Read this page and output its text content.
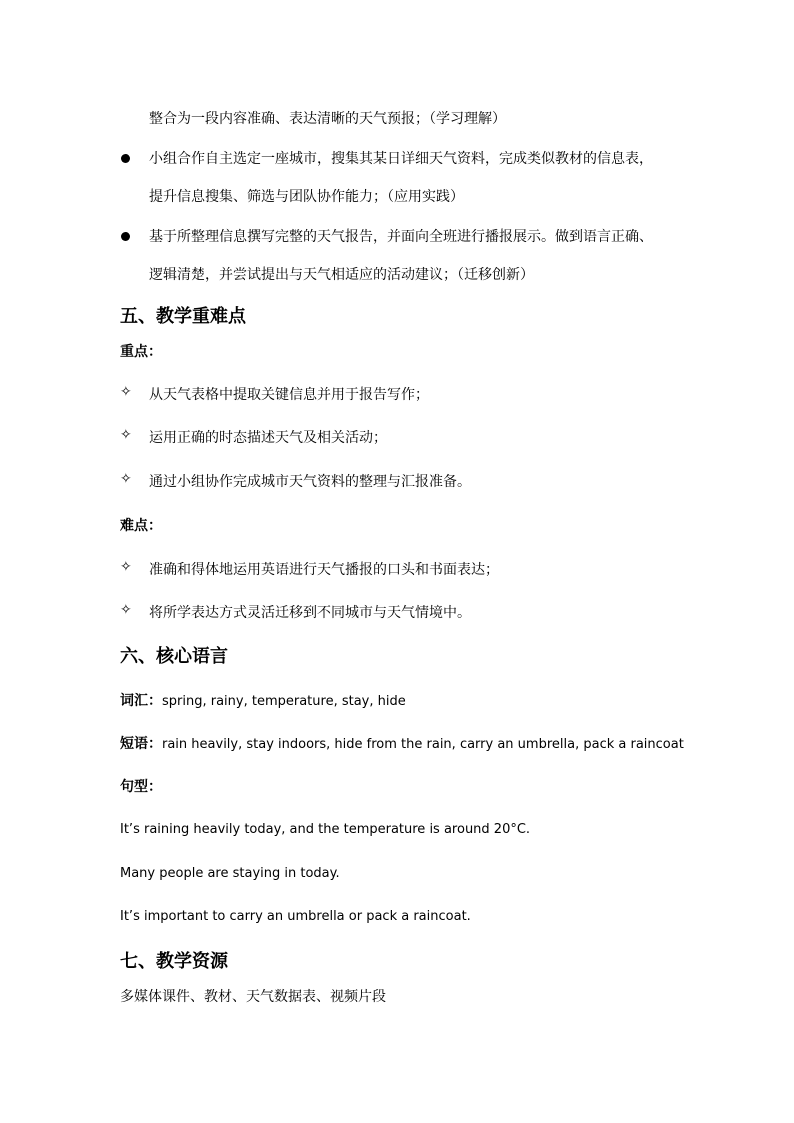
整合为一段内容准确、表达清晰的天气预报；（学习理解）
小组合作自主选定一座城市，搜集其某日详细天气资料，完成类似教材的信息表，
提升信息搜集、筛选与团队协作能力；（应用实践）
基于所整理信息撰写完整的天气报告，并面向全班进行播报展示。做到语言正确、
逻辑清楚，并尝试提出与天气相适应的活动建议；（迁移创新）
五、教学重难点
重点：
✧ 从天气表格中提取关键信息并用于报告写作；
✧ 运用正确的时态描述天气及相关活动；
✧ 通过小组协作完成城市天气资料的整理与汇报准备。
难点：
✧ 准确和得体地运用英语进行天气播报的口头和书面表达；
✧ 将所学表达方式灵活迁移到不同城市与天气情境中。
六、核心语言
词汇：spring, rainy, temperature, stay, hide
短语：rain heavily, stay indoors, hide from the rain, carry an umbrella, pack a raincoat
句型：
It’s raining heavily today, and the temperature is around 20°C.
Many people are staying in today.
It’s important to carry an umbrella or pack a raincoat.
七、教学资源
多媒体课件、教材、天气数据表、视频片段
